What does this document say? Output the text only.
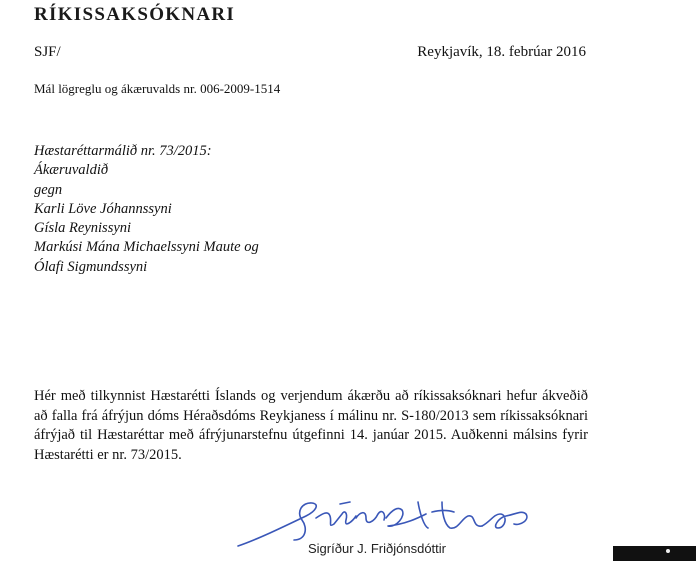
RÍKISSAKSÓKNARI
SJF/	Reykjavík, 18. febrúar 2016
Mál lögreglu og ákæruvalds nr. 006-2009-1514
Hæstaréttarmálið nr. 73/2015:
Ákæruvaldið
gegn
Karli Löve Jóhannssyni
Gísla Reynissyni
Markúsi Mána Michaelssyni Maute og
Ólafi Sigmundssyni
Hér með tilkynnist Hæstarétti Íslands og verjendum ákærðu að ríkissaksóknari hefur ákveðið að falla frá áfrýjun dóms Héraðsdóms Reykjaness í málinu nr. S-180/2013 sem ríkissaksóknari áfrýjað til Hæstaréttar með áfrýjunarstefnu útgefinni 14. janúar 2015. Auðkenni málsins fyrir Hæstarétti er nr. 73/2015.
Sigríður J. Friðjónsdóttir
